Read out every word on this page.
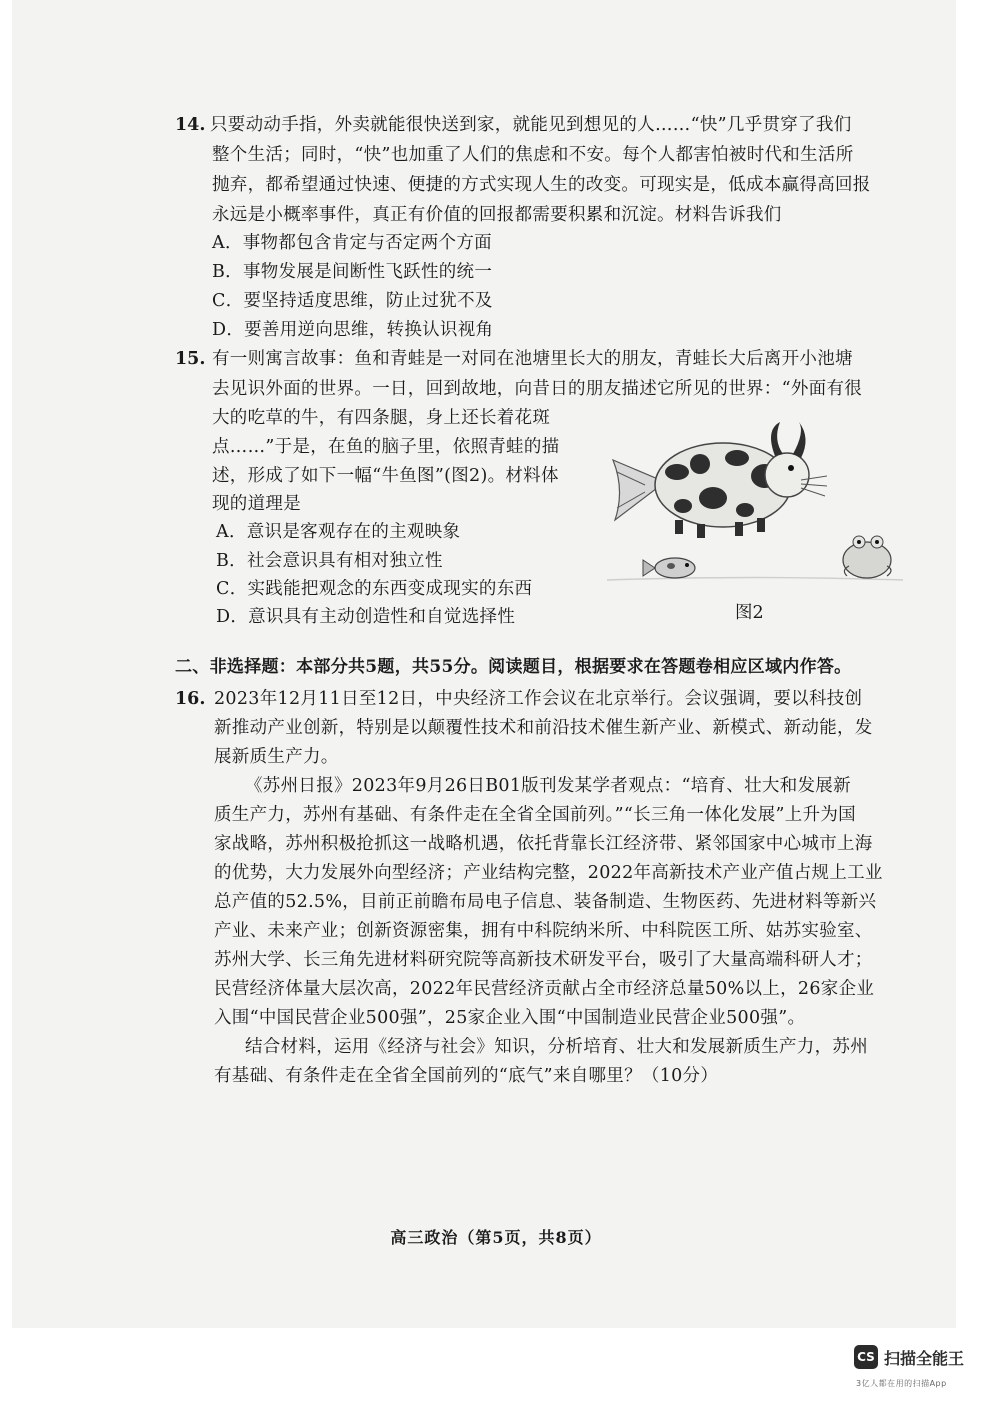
14. 只要动动手指，外卖就能很快送到家，就能见到想见的人……“快”几乎贯穿了我们
整个生活；同时，“快”也加重了人们的焦虑和不安。每个人都害怕被时代和生活所
抛弃，都希望通过快速、便捷的方式实现人生的改变。可现实是，低成本赢得高回报
永远是小概率事件，真正有价值的回报都需要积累和沉淀。材料告诉我们
A．事物都包含肯定与否定两个方面
B．事物发展是间断性飞跃性的统一
C．要坚持适度思维，防止过犹不及
D．要善用逆向思维，转换认识视角
15. 有一则寓言故事：鱼和青蛙是一对同在池塘里长大的朋友，青蛙长大后离开小池塘
去见识外面的世界。一日，回到故地，向昔日的朋友描述它所见的世界：“外面有很
大的吃草的牛，有四条腿，身上还长着花斑
点……”于是，在鱼的脑子里，依照青蛙的描
述，形成了如下一幅“牛鱼图”(图2)。材料体
现的道理是
A．意识是客观存在的主观映象
B．社会意识具有相对独立性
C．实践能把观念的东西变成现实的东西
D．意识具有主动创造性和自觉选择性	图2
二、非选择题：本部分共5题，共55分。阅读题目，根据要求在答题卷相应区域内作答。
16. 2023年12月11日至12日，中央经济工作会议在北京举行。会议强调，要以科技创
新推动产业创新，特别是以颠覆性技术和前沿技术催生新产业、新模式、新动能，发
展新质生产力。
《苏州日报》2023年9月26日B01版刊发某学者观点：“培育、壮大和发展新
质生产力，苏州有基础、有条件走在全省全国前列。”“长三角一体化发展”上升为国
家战略，苏州积极抢抓这一战略机遇，依托背靠长江经济带、紧邻国家中心城市上海
的优势，大力发展外向型经济；产业结构完整，2022年高新技术产业产值占规上工业
总产值的52.5%，目前正前瞻布局电子信息、装备制造、生物医药、先进材料等新兴
产业、未来产业；创新资源密集，拥有中科院纳米所、中科院医工所、姑苏实验室、
苏州大学、长三角先进材料研究院等高新技术研发平台，吸引了大量高端科研人才；
民营经济体量大层次高，2022年民营经济贡献占全市经济总量50%以上，26家企业
入围“中国民营企业500强”，25家企业入围“中国制造业民营企业500强”。
结合材料，运用《经济与社会》知识，分析培育、壮大和发展新质生产力，苏州
有基础、有条件走在全省全国前列的“底气”来自哪里？（10分）
高三政治（第5页，共8页）
CS 扫描全能王
3亿人都在用的扫描App
